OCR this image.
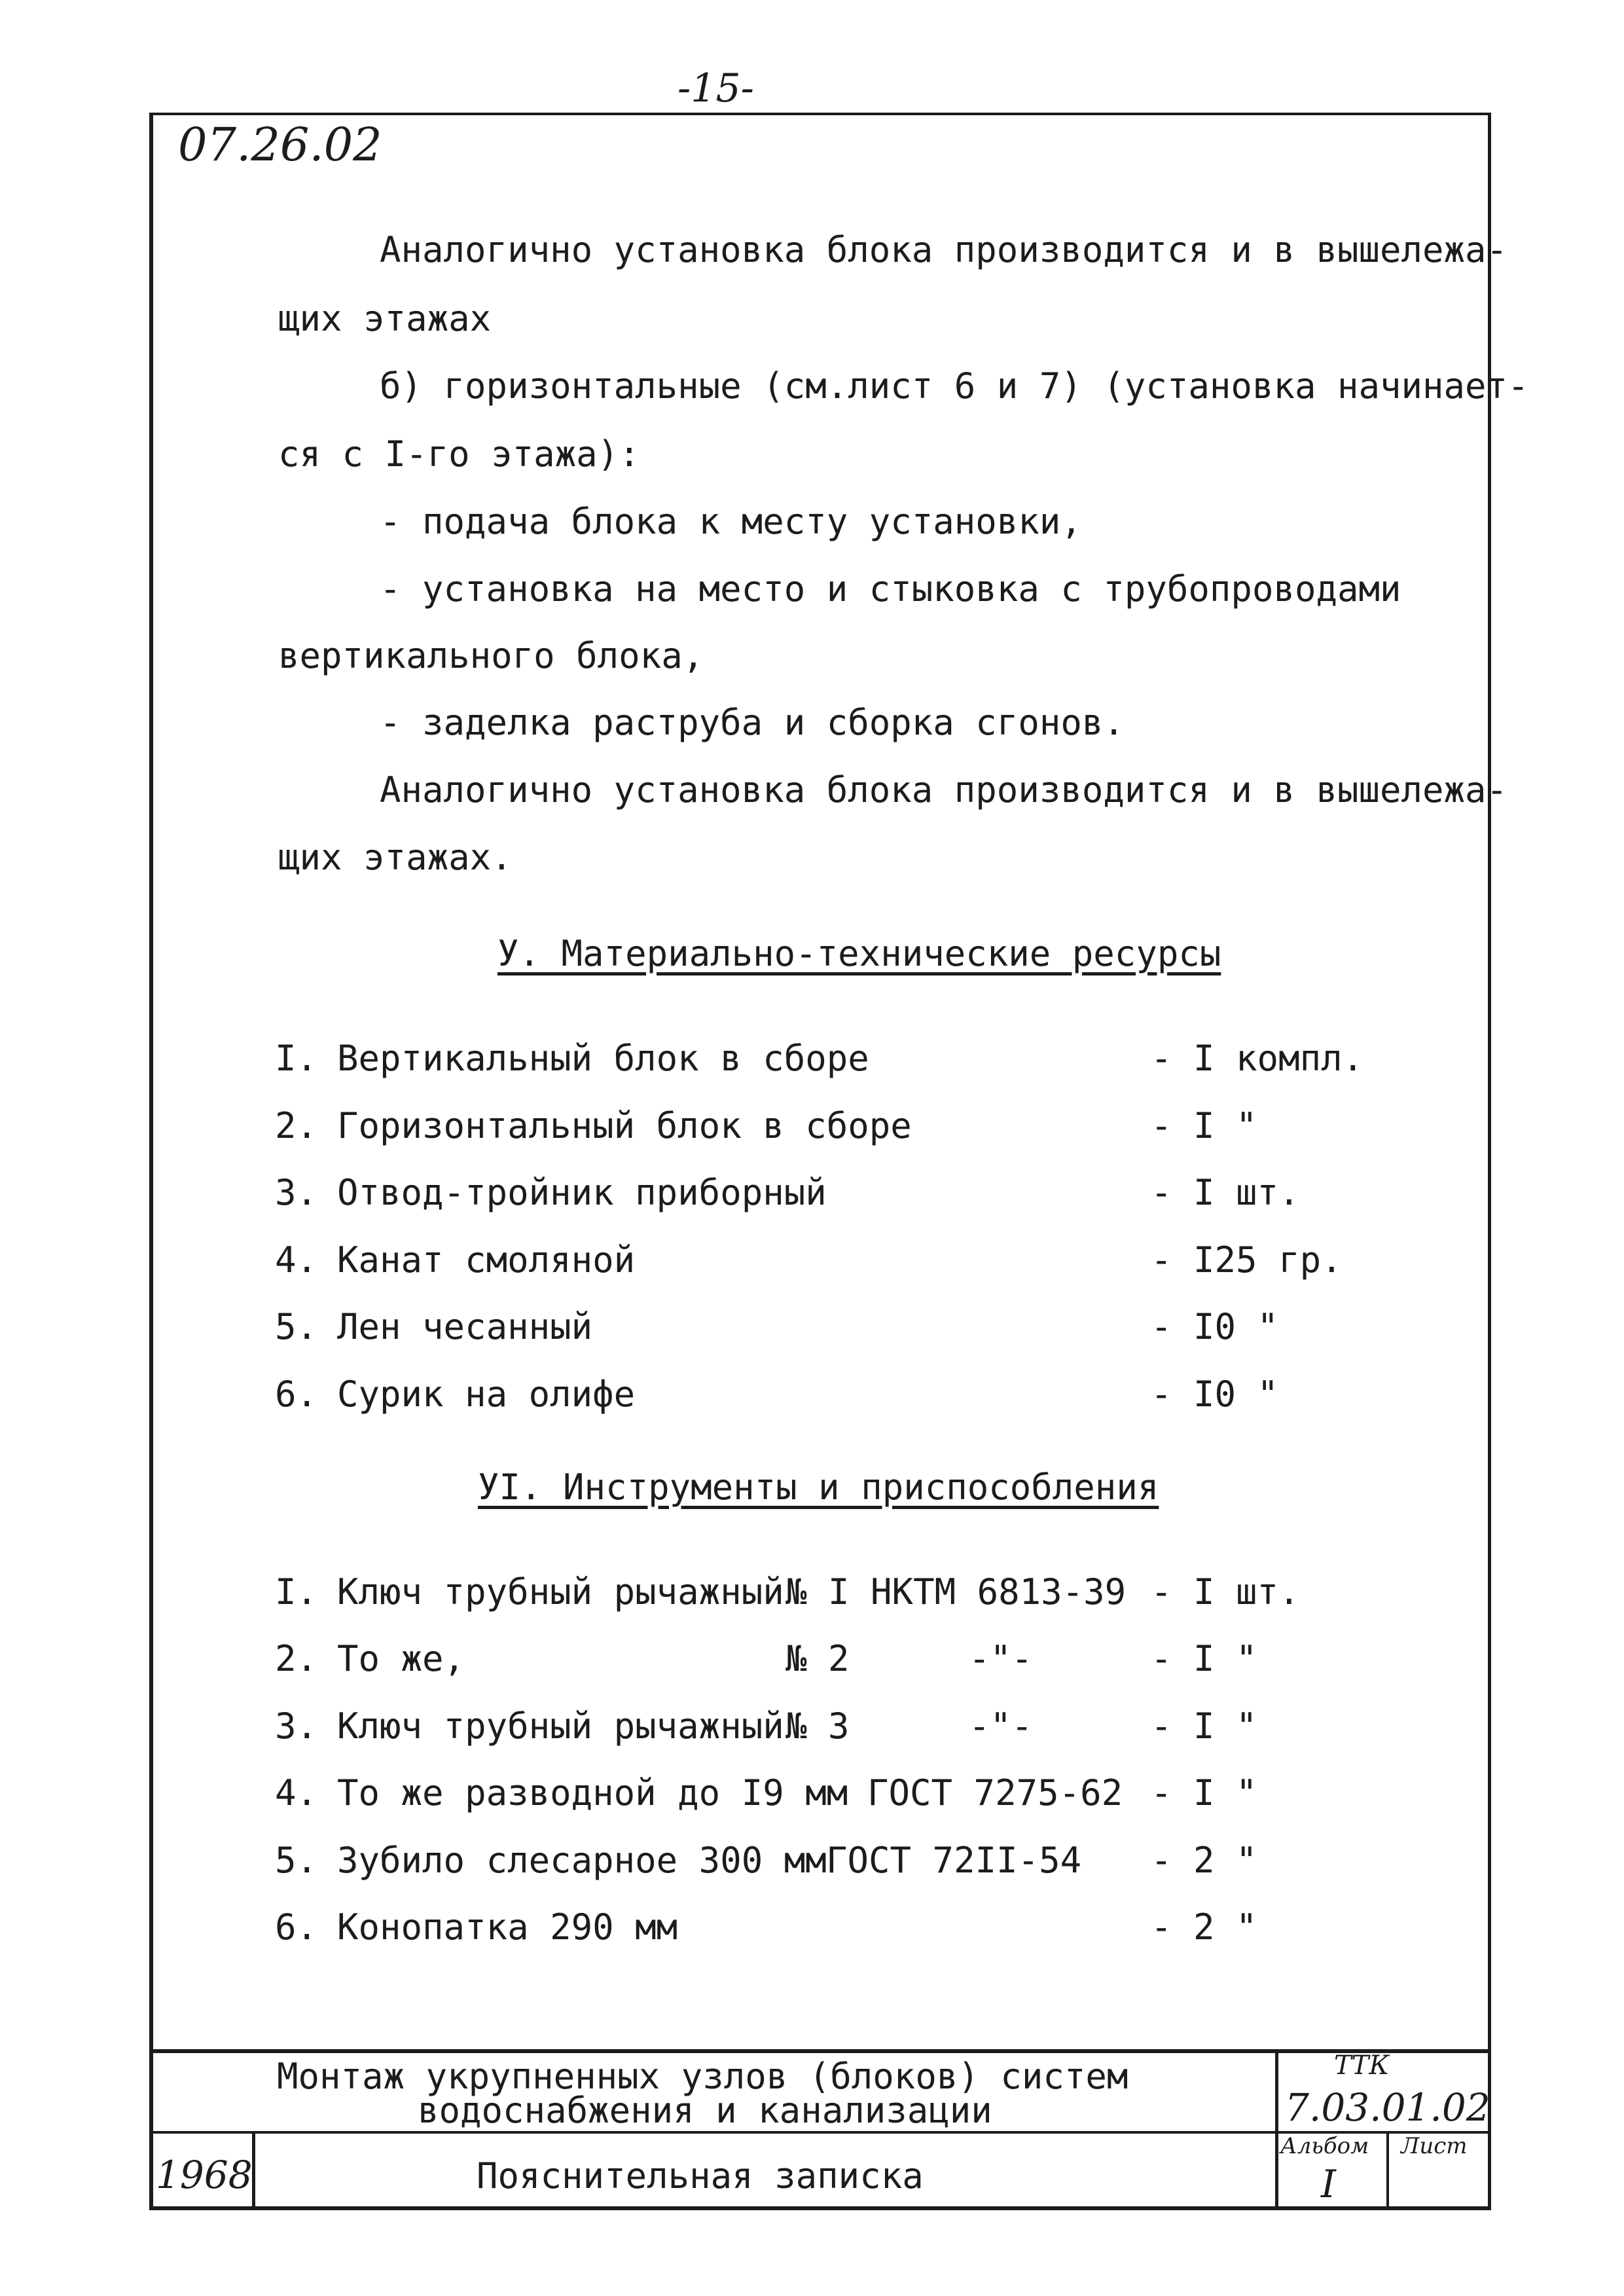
-15-
07.26.02
Аналогично установка блока производится и в вышележа-
щих этажах
б) горизонтальные (см.лист 6 и 7) (установка начинает-
ся с I-го этажа):
- подача блока к месту установки,
- установка на место и стыковка с трубопроводами
вертикального блока,
- заделка раструба и сборка сгонов.
Аналогично установка блока производится и в вышележа-
щих этажах.
У. Материально-технические ресурсы
I. Вертикальный блок в сборе	- I компл.
2. Горизонтальный блок в сборе	- I "
3. Отвод-тройник приборный	- I шт.
4. Канат смоляной	- I25 гр.
5. Лен чесанный	- I0 "
6. Сурик на олифе	- I0 "
УI. Инструменты и приспособления
I. Ключ трубный рычажный № I НКТМ 6813-39 - I шт.
2. То же,	№ 2	-"-	- I "
3. Ключ трубный рычажный № 3	-"-	- I "
4. То же разводной до I9 мм ГОСТ 7275-62 - I "
5. Зубило слесарное 300 мм ГОСТ 72II-54 - 2 "
6. Конопатка 290 мм	- 2 "
Монтаж укрупненных узлов (блоков) систем
водоснабжения и канализации
ТТК
7.03.01.02
1968	Пояснительная записка
Альбом
I
Лист
